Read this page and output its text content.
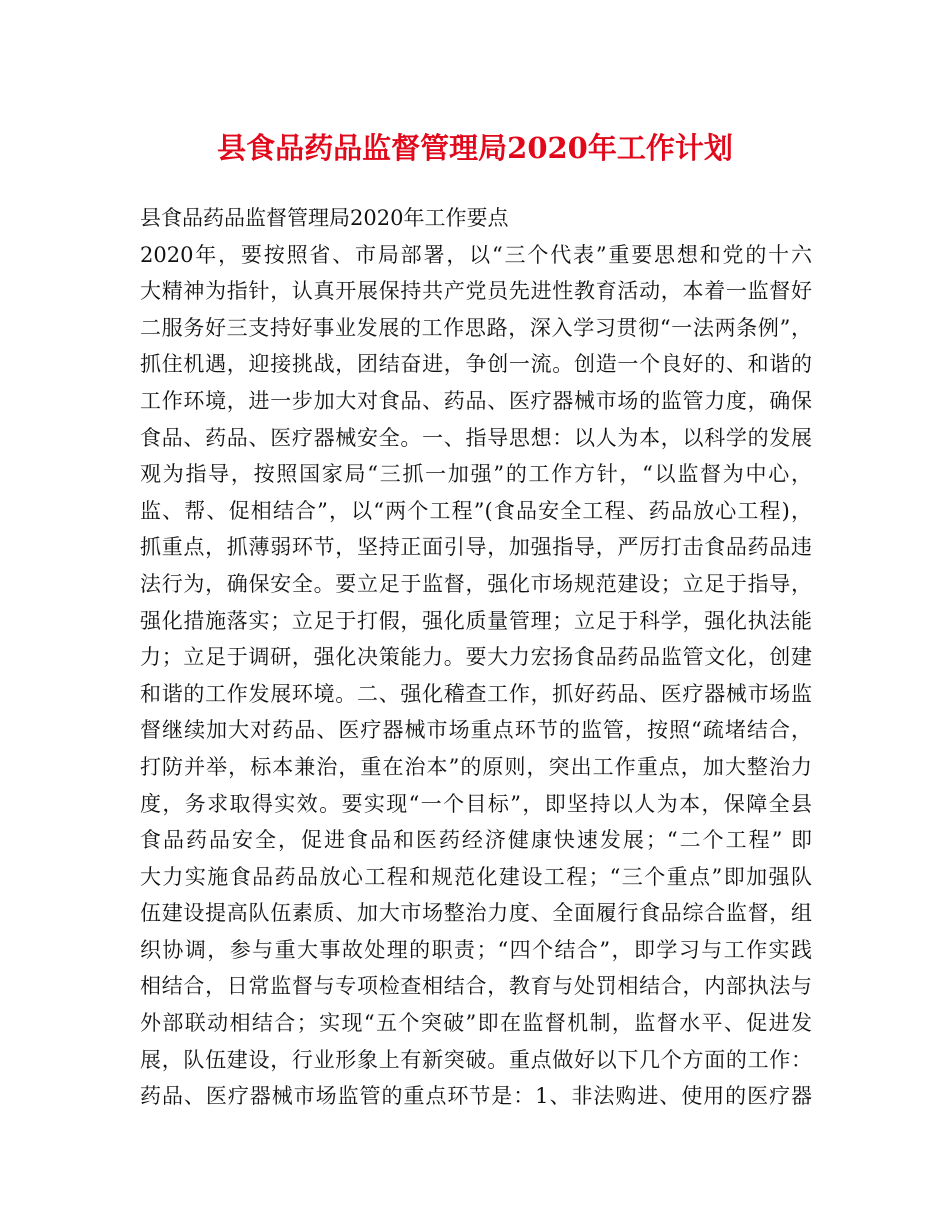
县食品药品监督管理局2020年工作计划
县食品药品监督管理局2020年工作要点
2020年，要按照省、市局部署，以“三个代表”重要思想和党的十六
大精神为指针，认真开展保持共产党员先进性教育活动，本着一监督好
二服务好三支持好事业发展的工作思路，深入学习贯彻“一法两条例”，
抓住机遇，迎接挑战，团结奋进，争创一流。创造一个良好的、和谐的
工作环境，进一步加大对食品、药品、医疗器械市场的监管力度，确保
食品、药品、医疗器械安全。一、指导思想：以人为本，以科学的发展
观为指导，按照国家局“三抓一加强”的工作方针，“以监督为中心，
监、帮、促相结合”，以“两个工程”(食品安全工程、药品放心工程)，
抓重点，抓薄弱环节，坚持正面引导，加强指导，严厉打击食品药品违
法行为，确保安全。要立足于监督，强化市场规范建设；立足于指导，
强化措施落实；立足于打假，强化质量管理；立足于科学，强化执法能
力；立足于调研，强化决策能力。要大力宏扬食品药品监管文化，创建
和谐的工作发展环境。二、强化稽查工作，抓好药品、医疗器械市场监
督继续加大对药品、医疗器械市场重点环节的监管，按照“疏堵结合，
打防并举，标本兼治，重在治本”的原则，突出工作重点，加大整治力
度，务求取得实效。要实现“一个目标”，即坚持以人为本，保障全县
食品药品安全，促进食品和医药经济健康快速发展；“二个工程” 即
大力实施食品药品放心工程和规范化建设工程；“三个重点”即加强队
伍建设提高队伍素质、加大市场整治力度、全面履行食品综合监督，组
织协调，参与重大事故处理的职责；“四个结合”，即学习与工作实践
相结合，日常监督与专项检查相结合，教育与处罚相结合，内部执法与
外部联动相结合；实现“五个突破”即在监督机制，监督水平、促进发
展，队伍建设，行业形象上有新突破。重点做好以下几个方面的工作：
药品、医疗器械市场监管的重点环节是：1、非法购进、使用的医疗器
